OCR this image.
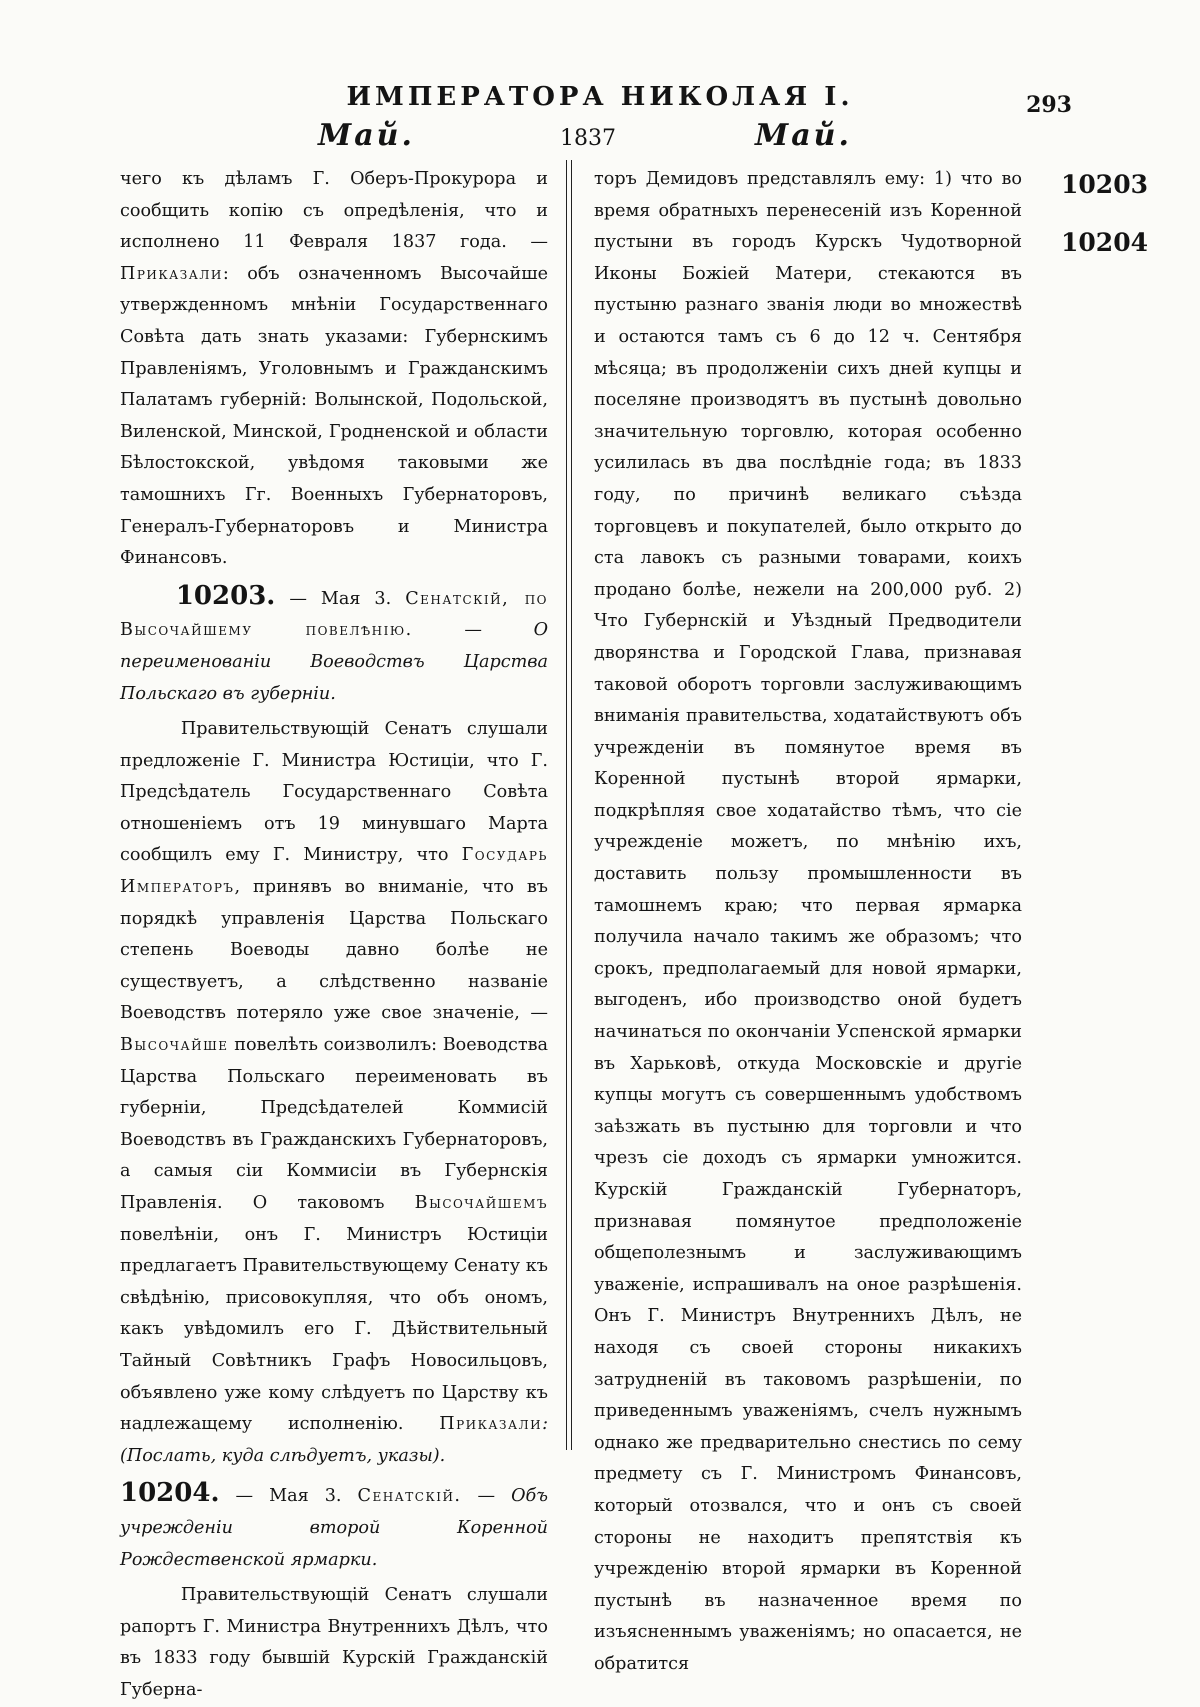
ИМПЕРАТОРА НИКОЛАЯ I.	293
Май.	1837	Май.
10203
10204

чего къ дѣламъ Г. Оберъ-Прокурора и сообщить копію съ опредѣленія, что и исполнено 11 Февраля 1837 года. — Приказали: объ означенномъ Высочайше утвержденномъ мнѣніи Государственнаго Совѣта дать знать указами: Губернскимъ Правленіямъ, Уголовнымъ и Гражданскимъ Палатамъ губерній: Волынской, Подольской, Виленской, Минской, Гродненской и области Бѣлостокской, увѣдомя таковыми же тамошнихъ Гг. Военныхъ Губернаторовъ, Генералъ-Губернаторовъ и Министра Финансовъ.

10203. — Мая 3. Сенатскій, по Высочайшему повелѣнію. — О переименованіи Воеводствъ Царства Польскаго въ губерніи.

Правительствующій Сенатъ слушали предложеніе Г. Министра Юстиціи, что Г. Предсѣдатель Государственнаго Совѣта отношеніемъ отъ 19 минувшаго Марта сообщилъ ему Г. Министру, что Государь Императоръ, принявъ во вниманіе, что въ порядкѣ управленія Царства Польскаго степень Воеводы давно болѣе не существуетъ, а слѣдственно названіе Воеводствъ потеряло уже свое значеніе, — Высочайше повелѣть соизволилъ: Воеводства Царства Польскаго переименовать въ губерніи, Предсѣдателей Коммисій Воеводствъ въ Гражданскихъ Губернаторовъ, а самыя сіи Коммисіи въ Губернскія Правленія. О таковомъ Высочайшемъ повелѣніи, онъ Г. Министръ Юстиціи предлагаетъ Правительствующему Сенату къ свѣдѣнію, присовокупляя, что объ ономъ, какъ увѣдомилъ его Г. Дѣйствительный Тайный Совѣтникъ Графъ Новосильцовъ, объявлено уже кому слѣдуетъ по Царству къ надлежащему исполненію. Приказали: (Послать, куда слѣдуетъ, указы).

10204. — Мая 3. Сенатскій. — Объ учрежденіи второй Коренной Рождественской ярмарки.

Правительствующій Сенатъ слушали рапортъ Г. Министра Внутреннихъ Дѣлъ, что въ 1833 году бывшій Курскій Гражданскій Губерна-

торъ Демидовъ представлялъ ему: 1) что во время обратныхъ перенесеній изъ Коренной пустыни въ городъ Курскъ Чудотворной Иконы Божіей Матери, стекаются въ пустыню разнаго званія люди во множествѣ и остаются тамъ съ 6 до 12 ч. Сентября мѣсяца; въ продолженіи сихъ дней купцы и поселяне производятъ въ пустынѣ довольно значительную торговлю, которая особенно усилилась въ два послѣдніе года; въ 1833 году, по причинѣ великаго съѣзда торговцевъ и покупателей, было открыто до ста лавокъ съ разными товарами, коихъ продано болѣе, нежели на 200,000 руб. 2) Что Губернскій и Уѣздный Предводители дворянства и Городской Глава, признавая таковой оборотъ торговли заслуживающимъ вниманія правительства, ходатайствуютъ объ учрежденіи въ помянутое время въ Коренной пустынѣ второй ярмарки, подкрѣпляя свое ходатайство тѣмъ, что сіе учрежденіе можетъ, по мнѣнію ихъ, доставить пользу промышленности въ тамошнемъ краю; что первая ярмарка получила начало такимъ же образомъ; что срокъ, предполагаемый для новой ярмарки, выгоденъ, ибо производство оной будетъ начинаться по окончаніи Успенской ярмарки въ Харьковѣ, откуда Московскіе и другіе купцы могутъ съ совершеннымъ удобствомъ заѣзжать въ пустыню для торговли и что чрезъ сіе доходъ съ ярмарки умножится. Курскій Гражданскій Губернаторъ, признавая помянутое предположеніе общеполезнымъ и заслуживающимъ уваженіе, испрашивалъ на оное разрѣшенія. Онъ Г. Министръ Внутреннихъ Дѣлъ, не находя съ своей стороны никакихъ затрудненій въ таковомъ разрѣшеніи, по приведеннымъ уваженіямъ, счелъ нужнымъ однако же предварительно снестись по сему предмету съ Г. Министромъ Финансовъ, который отозвался, что и онъ съ своей стороны не находитъ препятствія къ учрежденію второй ярмарки въ Коренной пустынѣ въ назначенное время по изъясненнымъ уваженіямъ; но опасается, не обратится
